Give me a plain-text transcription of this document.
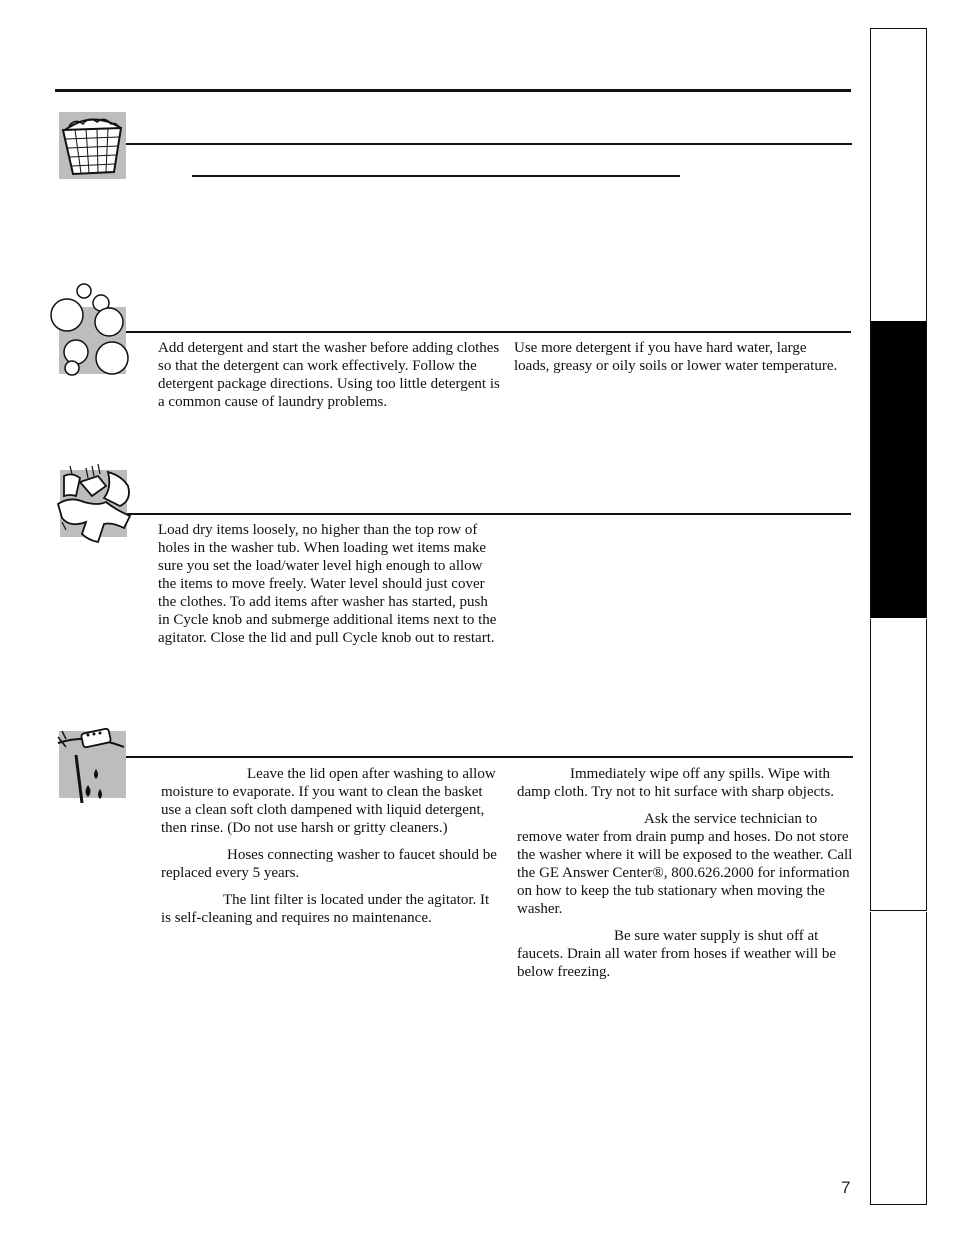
Add detergent and start the washer before adding clothes so that the detergent can work effectively. Follow the detergent package directions. Using too little detergent is a common cause of laundry problems.

Use more detergent if you have hard water, large loads, greasy or oily soils or lower water temperature.

Load dry items loosely, no higher than the top row of holes in the washer tub. When loading wet items make sure you set the load/water level high enough to allow the items to move freely. Water level should just cover the clothes. To add items after washer has started, push in Cycle knob and submerge additional items next to the agitator. Close the lid and pull Cycle knob out to restart.

Leave the lid open after washing to allow moisture to evaporate. If you want to clean the basket use a clean soft cloth dampened with liquid detergent, then rinse. (Do not use harsh or gritty cleaners.)

Hoses connecting washer to faucet should be replaced every 5 years.

The lint filter is located under the agitator. It is self-cleaning and requires no maintenance.

Immediately wipe off any spills. Wipe with damp cloth. Try not to hit surface with sharp objects.

Ask the service technician to remove water from drain pump and hoses. Do not store the washer where it will be exposed to the weather. Call the GE Answer Center®, 800.626.2000 for information on how to keep the tub stationary when moving the washer.

Be sure water supply is shut off at faucets. Drain all water from hoses if weather will be below freezing.

7
